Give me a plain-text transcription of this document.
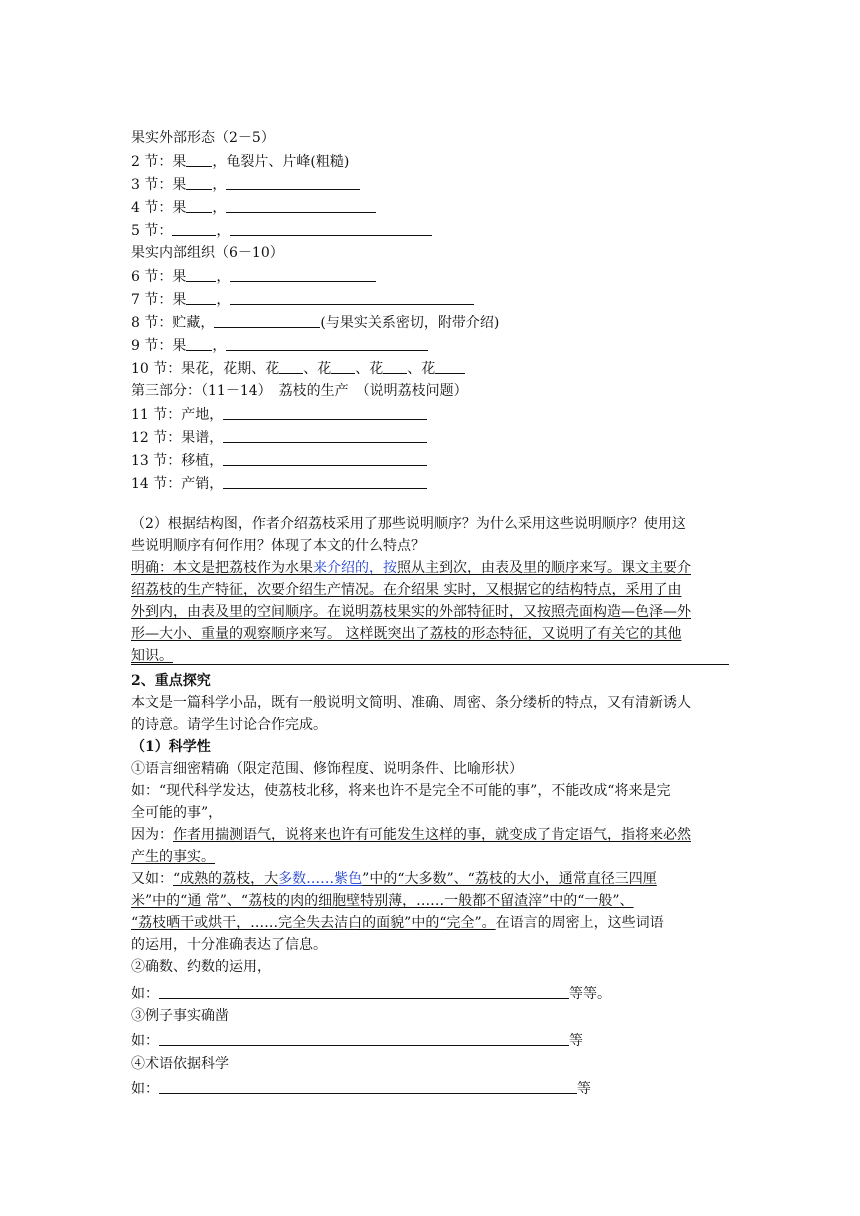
果实外部形态（2－5）
2 节：果 ，龟裂片、片峰(粗糙)
3 节：果 ，
4 节：果 ，
5 节：	，
果实内部组织（6－10）
6 节：果 ，
7 节：果 ，
8 节：贮藏，	(与果实关系密切，附带介绍)
9 节：果 ，
10 节：果花，花期、花 、花 、花 、花
第三部分：（11－14）　荔枝的生产　（说明荔枝问题）
11 节：产地，
12 节：果谱，
13 节：移植，
14 节：产销，
（2）根据结构图，作者介绍荔枝采用了那些说明顺序？为什么采用这些说明顺序？使用这
些说明顺序有何作用？体现了本文的什么特点？
明确：本文是把荔枝作为水果来介绍的，按照从主到次，由表及里的顺序来写。课文主要介
绍荔枝的生产特征，次要介绍生产情况。在介绍果 实时，又根据它的结构特点，采用了由
外到内，由表及里的空间顺序。在说明荔枝果实的外部特征时，又按照壳面构造—色泽—外
形—大小、重量的观察顺序来写。 这样既突出了荔枝的形态特征，又说明了有关它的其他
知识。
2、重点探究
本文是一篇科学小品，既有一般说明文简明、准确、周密、条分缕析的特点，又有清新诱人
的诗意。请学生讨论合作完成。
（1）科学性
①语言细密精确（限定范围、修饰程度、说明条件、比喻形状）
如：“现代科学发达，使荔枝北移，将来也许不是完全不可能的事”，不能改成“将来是完
全可能的事”，
因为：作者用揣测语气，说将来也许有可能发生这样的事，就变成了肯定语气，指将来必然
产生的事实。
又如：“成熟的荔枝，大多数……紫色”中的“大多数”、“荔枝的大小，通常直径三四厘
米”中的“通 常”、“荔枝的肉的细胞壁特别薄，……一般都不留渣滓”中的“一般”、
“荔枝晒干或烘干，……完全失去洁白的面貌”中的“完全”。在语言的周密上，这些词语
的运用，十分准确表达了信息。
②确数、约数的运用，
如：	等等。
③例子事实确凿
如：	等
④术语依据科学
如：	等
